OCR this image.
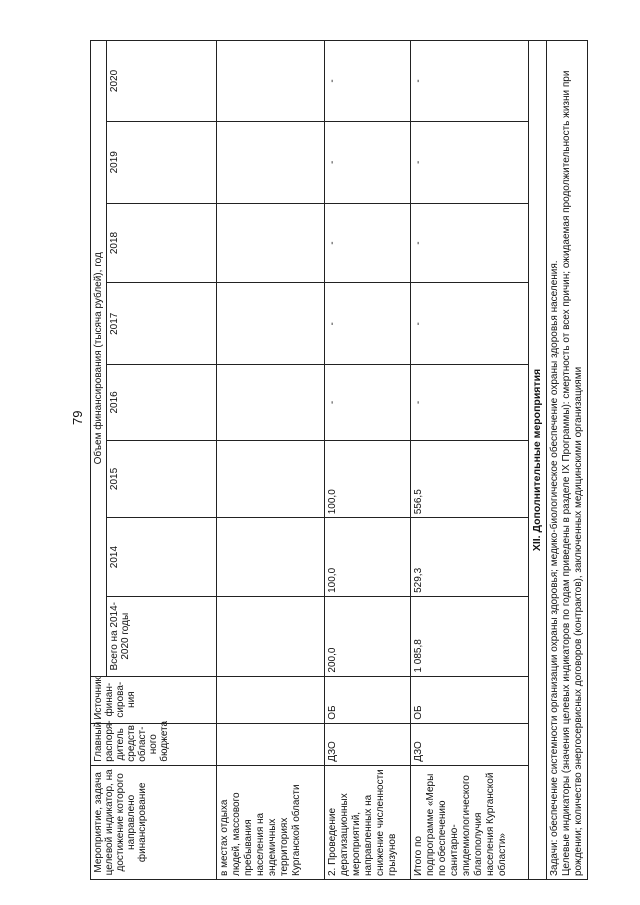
79
Мероприятие, задача целевой индикатор, на достижение которого направлено финансирование	Главный распоря-дитель средств област-ного бюджета	Источник финан-сирова-ния	Объем финансирования (тысяча рублей), год							
			Всего на 2014-2020 годы	2014	2015	2016	2017	2018	2019	2020
в местах отдыха людей, массового пребывания населения на эндемичных территориях Курганской области										
2. Проведение дератизационных мероприятий, направленных на снижение численности грызунов	ДЗО	ОБ	200,0	100,0	100,0	-	-	-	-	-
Итого по подпрограмме «Меры по обеспечению санитарно-эпидемиологического благополучия населения Курганской области»	ДЗО	ОБ	1 085,8	529,3	556,5	-	-	-	-	-
XII. Дополнительные мероприятия										

Задачи: обеспечение системности организации охраны здоровья; медико-биологическое обеспечение охраны здоровья населения. Целевые индикаторы (значения целевых индикаторов по годам приведены в разделе IX Программы): смертность от всех причин; ожидаемая продолжительность жизни при рождении; количество энергосервисных договоров (контрактов), заключенных медицинскими организациями										
